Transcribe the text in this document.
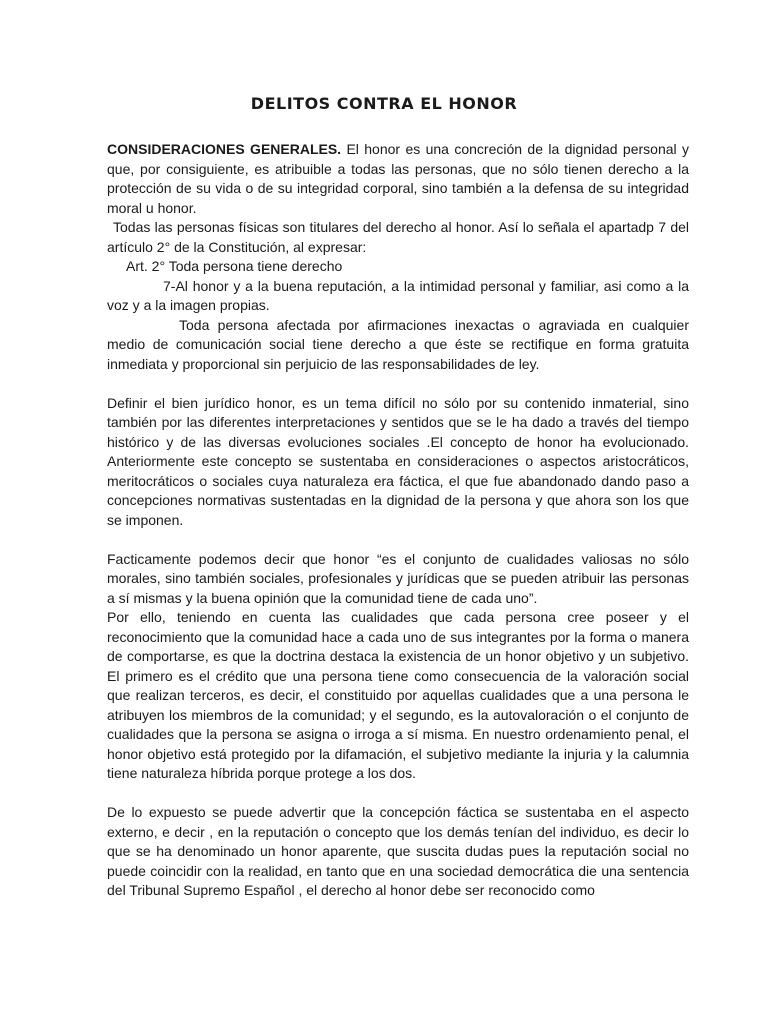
DELITOS CONTRA EL HONOR

CONSIDERACIONES GENERALES. El honor es una concreción de la dignidad personal y que, por consiguiente, es atribuible a todas las personas, que no sólo tienen derecho a la protección de su vida o de su integridad corporal, sino también a la defensa de su integridad moral u honor.

Todas las personas físicas son titulares del derecho al honor. Así lo señala el apartadp 7 del artículo 2° de la Constitución, al expresar:

Art. 2° Toda persona tiene derecho

7-Al honor y a la buena reputación, a la intimidad personal y familiar, asi como a la voz y a la imagen propias.

Toda persona afectada por afirmaciones inexactas o agraviada en cualquier medio de comunicación social tiene derecho a que éste se rectifique en forma gratuita inmediata y proporcional sin perjuicio de las responsabilidades de ley.

Definir el bien jurídico honor, es un tema difícil no sólo por su contenido inmaterial, sino también por las diferentes interpretaciones y sentidos que se le ha dado a través del tiempo histórico y de las diversas evoluciones sociales .El concepto de honor ha evolucionado. Anteriormente este concepto se sustentaba en consideraciones o aspectos aristocráticos, meritocráticos o sociales cuya naturaleza era fáctica, el que fue abandonado dando paso a concepciones normativas sustentadas en la dignidad de la persona y que ahora son los que se imponen.

Facticamente podemos decir que honor “es el conjunto de cualidades valiosas no sólo morales, sino también sociales, profesionales y jurídicas que se pueden atribuir las personas a sí mismas y la buena opinión que la comunidad tiene de cada uno”.

Por ello, teniendo en cuenta las cualidades que cada persona cree poseer y el reconocimiento que la comunidad hace a cada uno de sus integrantes por la forma o manera de comportarse, es que la doctrina destaca la existencia de un honor objetivo y un subjetivo. El primero es el crédito que una persona tiene como consecuencia de la valoración social que realizan terceros, es decir, el constituido por aquellas cualidades que a una persona le atribuyen los miembros de la comunidad; y el segundo, es la autovaloración o el conjunto de cualidades que la persona se asigna o irroga a sí misma. En nuestro ordenamiento penal, el honor objetivo está protegido por la difamación, el subjetivo mediante la injuria y la calumnia tiene naturaleza híbrida porque protege a los dos.

De lo expuesto se puede advertir que la concepción fáctica se sustentaba en el aspecto externo, e decir , en la reputación o concepto que los demás tenían del individuo, es decir lo que se ha denominado un honor aparente, que suscita dudas pues la reputación social no puede coincidir con la realidad, en tanto que en una sociedad democrática die una sentencia del Tribunal Supremo Español , el derecho al honor debe ser reconocido como
